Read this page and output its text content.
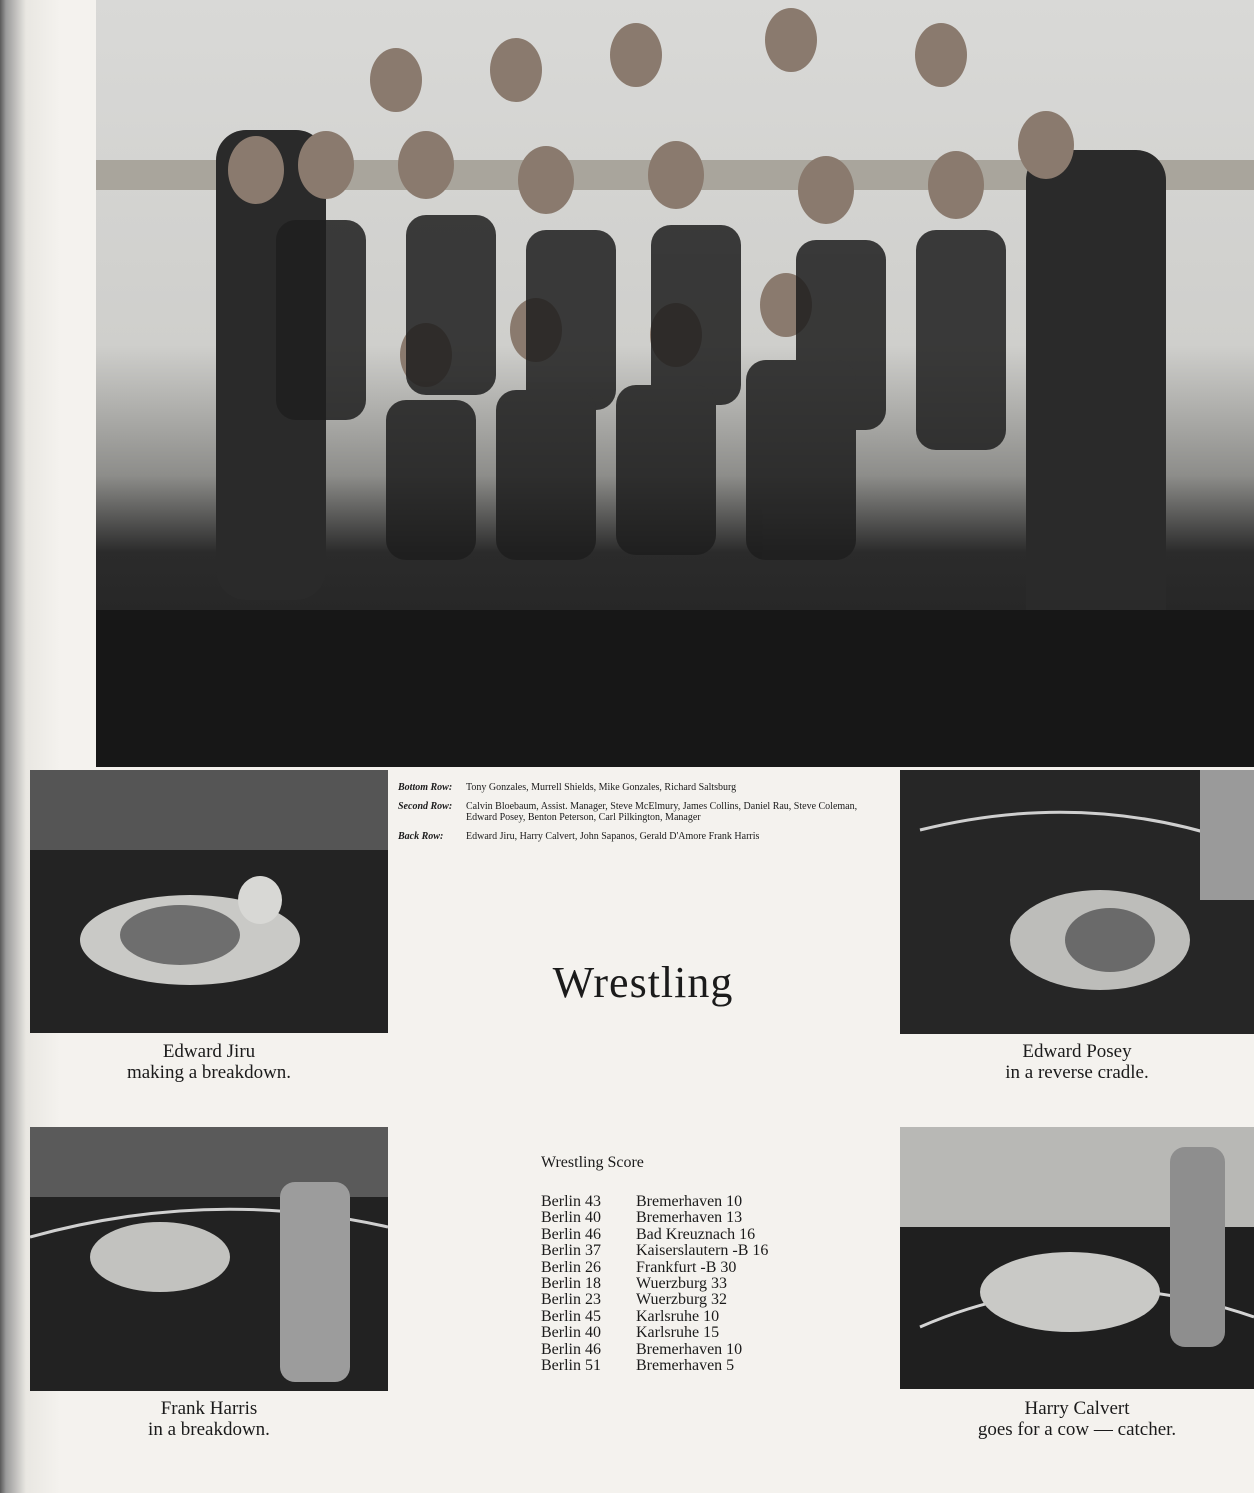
Edward Jiru
making a breakdown.
Edward Posey
in a reverse cradle.
Frank Harris
in a breakdown.
Harry Calvert
goes for a cow — catcher.
Bottom Row:	Tony Gonzales, Murrell Shields, Mike Gonzales, Richard Saltsburg
Second Row:	Calvin Bloebaum, Assist. Manager, Steve McElmury, James Collins, Daniel Rau, Steve Coleman, Edward Posey, Benton Peterson, Carl Pilkington, Manager
Back Row:	Edward Jiru, Harry Calvert, John Sapanos, Gerald D'Amore Frank Harris
Wrestling
Wrestling Score
Berlin 43	Bremerhaven 10
Berlin 40	Bremerhaven 13
Berlin 46	Bad Kreuznach 16
Berlin 37	Kaiserslautern -B 16
Berlin 26	Frankfurt -B 30
Berlin 18	Wuerzburg 33
Berlin 23	Wuerzburg 32
Berlin 45	Karlsruhe 10
Berlin 40	Karlsruhe 15
Berlin 46	Bremerhaven 10
Berlin 51	Bremerhaven 5
